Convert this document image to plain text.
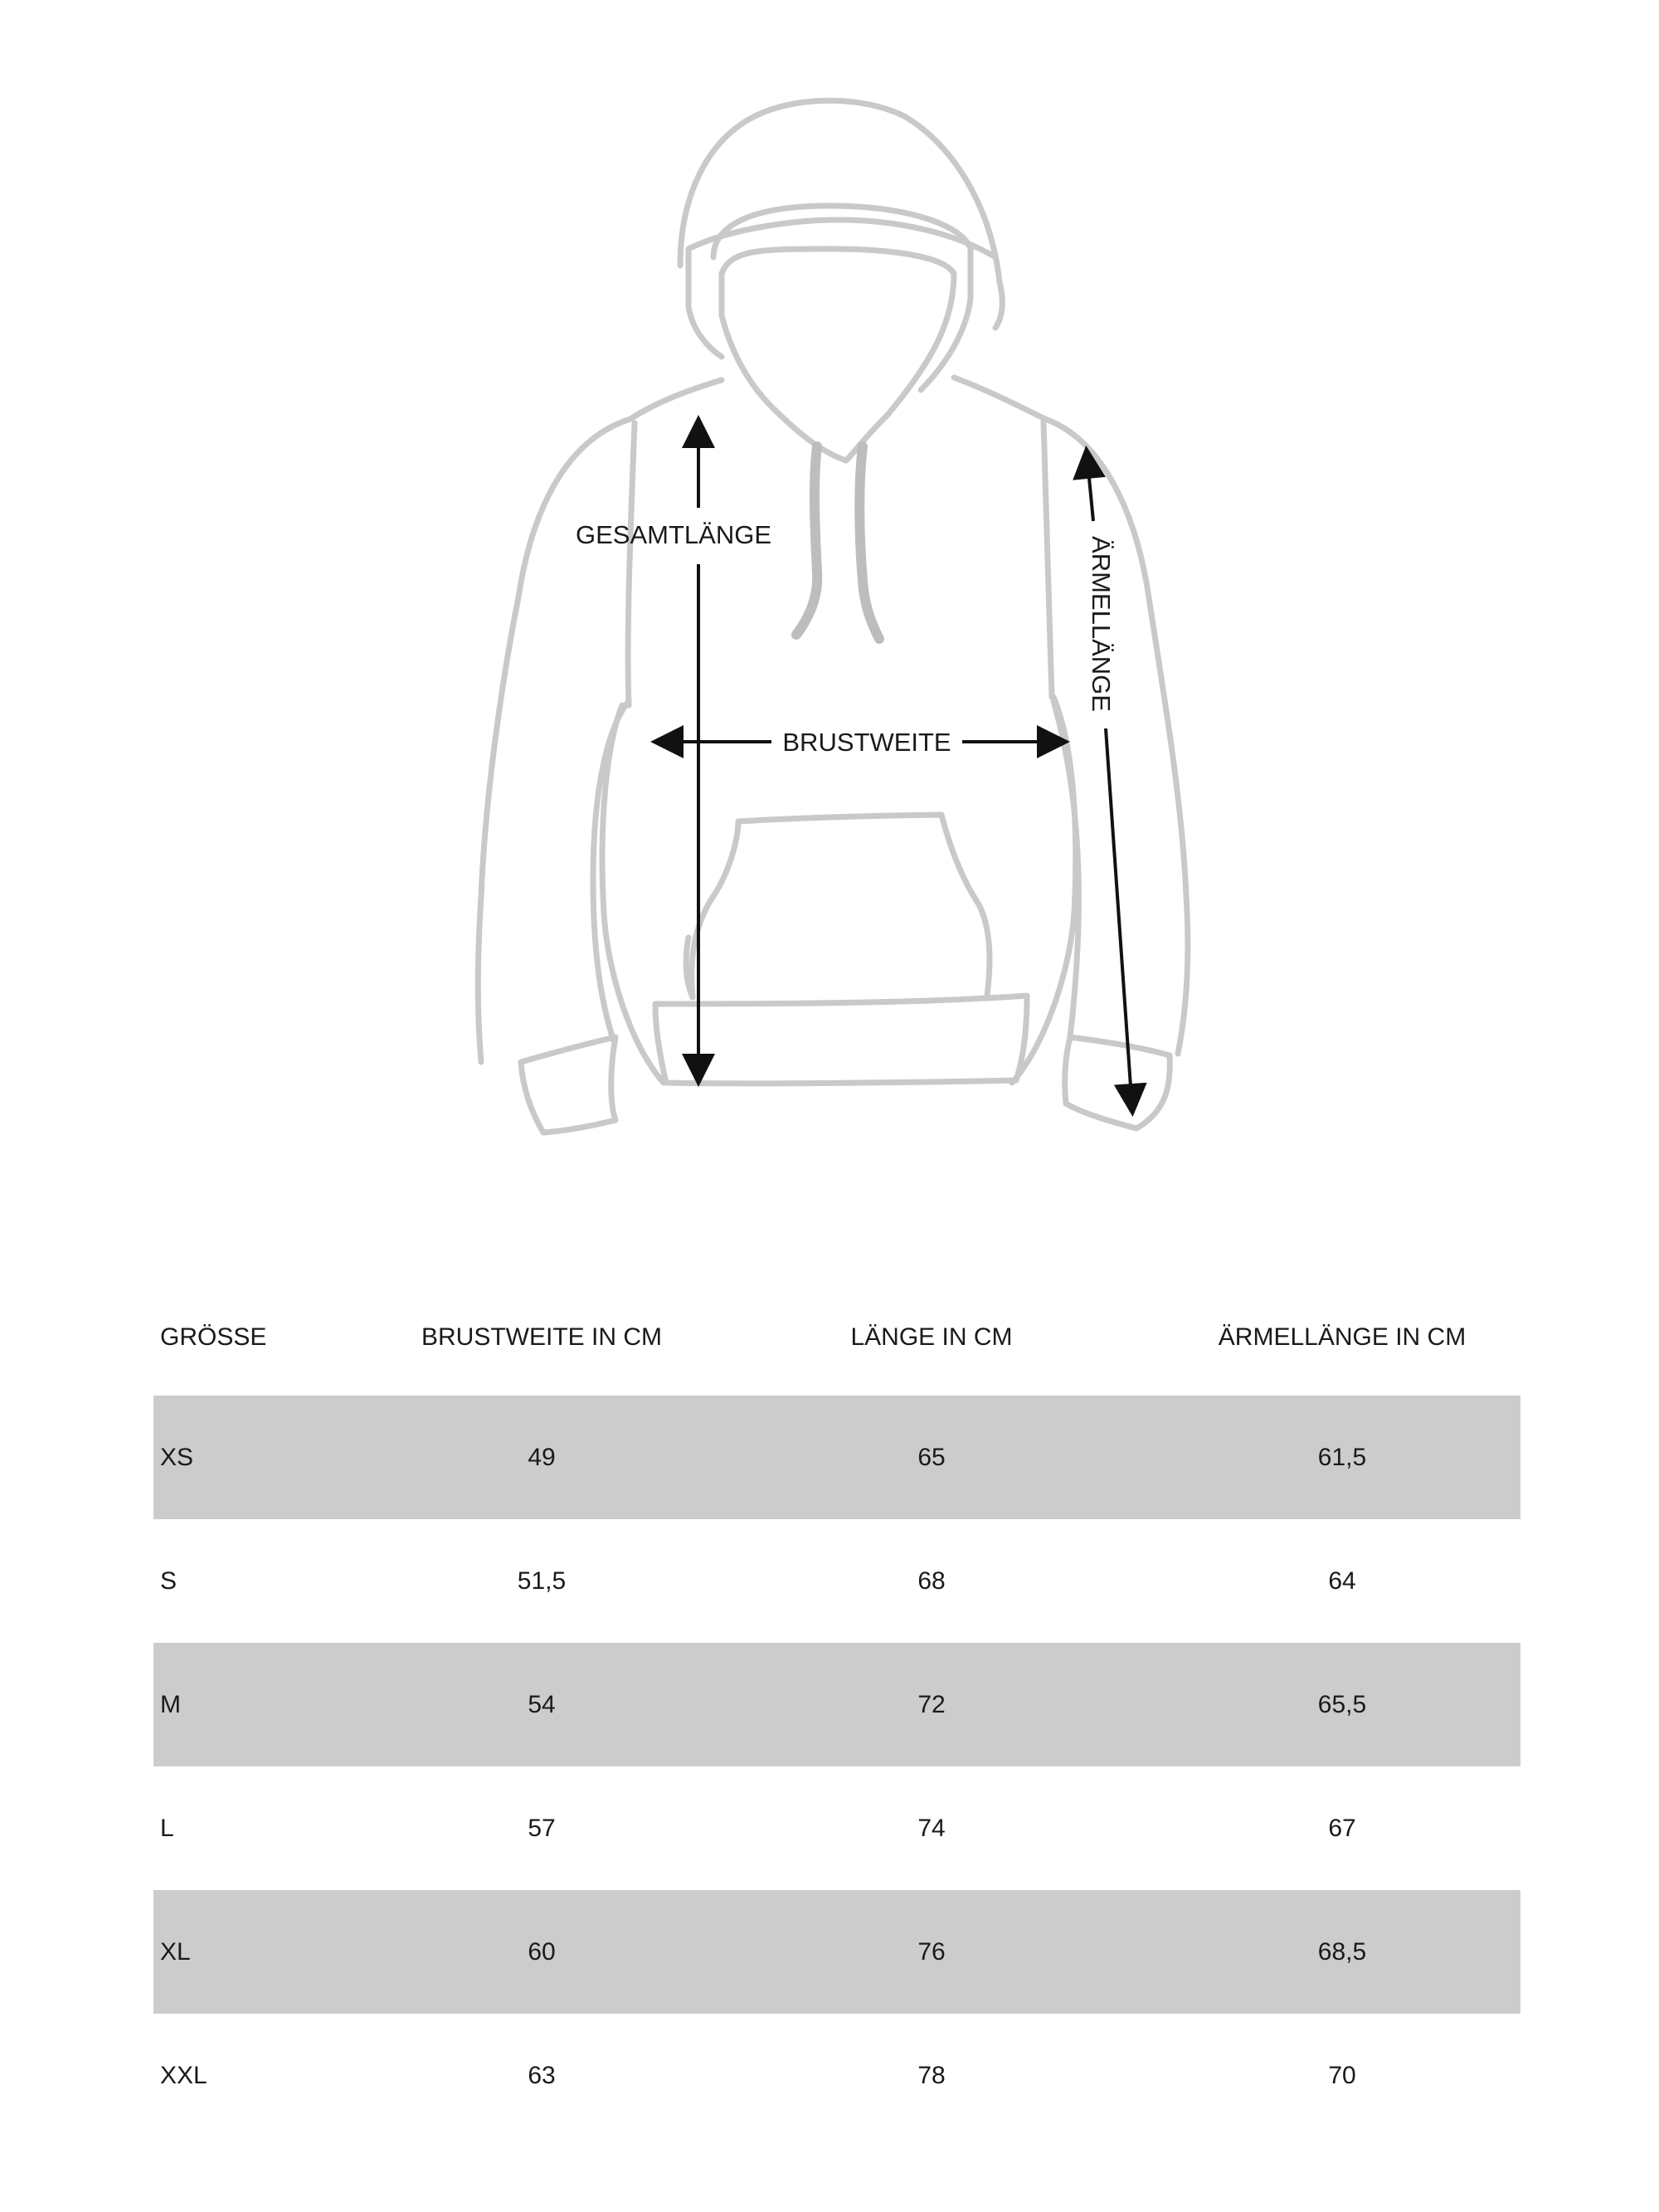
GESAMTLÄNGE
BRUSTWEITE
ÄRMELLÄNGE
GRÖSSE	BRUSTWEITE IN CM	LÄNGE IN CM	ÄRMELLÄNGE IN CM
XS	49	65	61,5
S	51,5	68	64
M	54	72	65,5
L	57	74	67
XL	60	76	68,5
XXL	63	78	70
